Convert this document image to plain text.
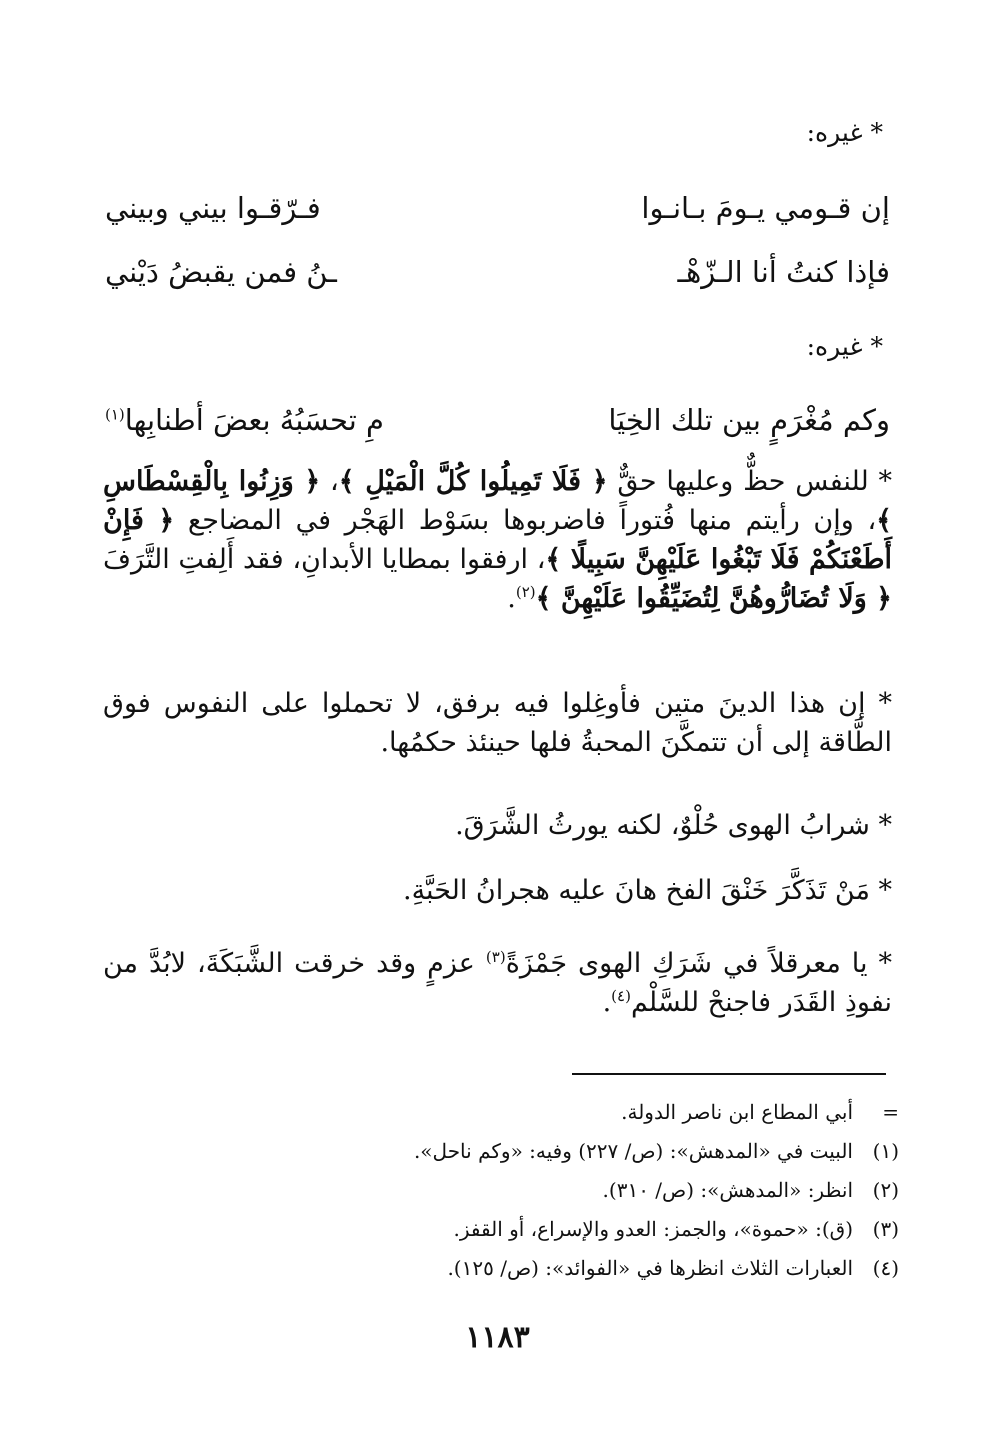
* غيره:
إن قـومي يـومَ بـانـوا
فـرّقـوا بيني وبيني
فإذا كنتُ أنا الـزّهْـ
ـنُ فمن يقبضُ دَيْني
* غيره:
وكم مُغْرَمٍ بين تلك الخِيَا
مِ تحسَبُهُ بعضَ أطنابِها$^{(١)}$
* للنفس حظٌّ وعليها حقٌّ ﴿ فَلَا تَمِيلُوا كُلَّ الْمَيْلِ ﴾، ﴿ وَزِنُوا بِالْقِسْطَاسِ ﴾، وإن رأيتم منها فُتوراً فاضربوها بسَوْط الهَجْر في المضاجع ﴿ فَإِنْ أَطَعْنَكُمْ فَلَا تَبْغُوا عَلَيْهِنَّ سَبِيلًا ﴾، ارفقوا بمطايا الأبدانِ، فقد أَلِفتِ التَّرَفَ ﴿ وَلَا تُضَارُّوهُنَّ لِتُضَيِّقُوا عَلَيْهِنَّ ﴾$^{(٢)}$.
* إن هذا الدينَ متين فأوغِلوا فيه برفق، لا تحملوا على النفوس فوق الطَّاقة إلى أن تتمكَّنَ المحبةُ فلها حينئذ حكمُها.
* شرابُ الهوى حُلْوٌ، لكنه يورثُ الشَّرَقَ.
* مَنْ تَذَكَّرَ خَنْقَ الفخ هانَ عليه هجرانُ الحَبَّةِ.
* يا معرقلاً في شَرَكِ الهوى جَمْزَةً$^{(٣)}$ عزمٍ وقد خرقت الشَّبَكَةَ، لابُدَّ من نفوذِ القَدَر فاجنحْ للسَّلْم$^{(٤)}$.
=
أبي المطاع ابن ناصر الدولة.
(١)
البيت في «المدهش»: (ص/ ٢٢٧) وفيه: «وكم ناحل».
(٢)
انظر: «المدهش»: (ص/ ٣١٠).
(٣)
(ق): «حموة»، والجمز: العدو والإسراع، أو القفز.
(٤)
العبارات الثلاث انظرها في «الفوائد»: (ص/ ١٢٥).
١١٨٣
